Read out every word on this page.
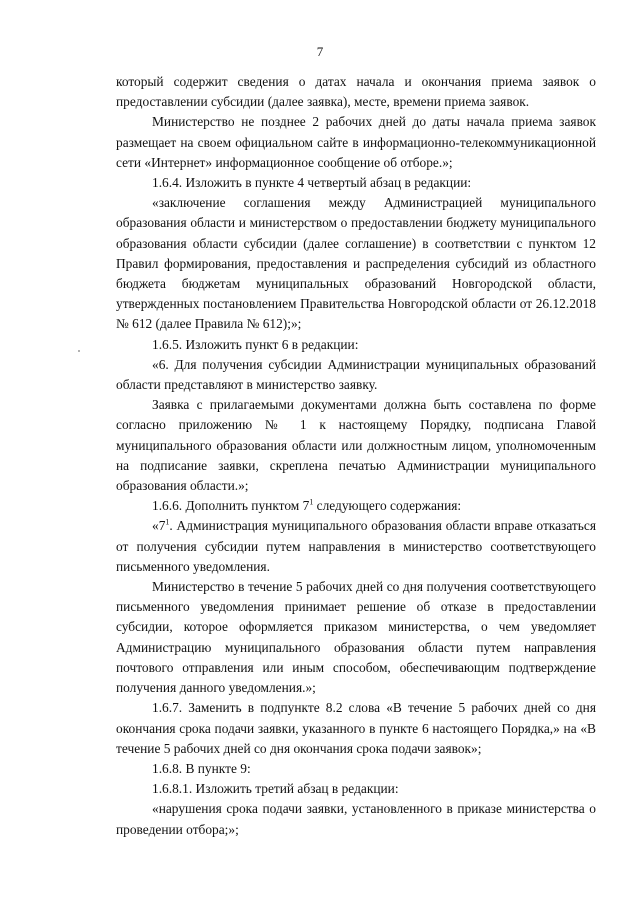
7

который содержит сведения о датах начала и окончания приема заявок о предоставлении субсидии (далее заявка), месте, времени приема заявок.

Министерство не позднее 2 рабочих дней до даты начала приема заявок размещает на своем официальном сайте в информационно-телекоммуникационной сети «Интернет» информационное сообщение об отборе.»;

1.6.4. Изложить в пункте 4 четвертый абзац в редакции:

«заключение соглашения между Администрацией муниципального образования области и министерством о предоставлении бюджету муниципального образования области субсидии (далее соглашение) в соответствии с пунктом 12 Правил формирования, предоставления и распределения субсидий из областного бюджета бюджетам муниципальных образований Новгородской области, утвержденных постановлением Правительства Новгородской области от 26.12.2018 № 612 (далее Правила № 612);»;

1.6.5. Изложить пункт 6 в редакции:

«6. Для получения субсидии Администрации муниципальных образований области представляют в министерство заявку.

Заявка с прилагаемыми документами должна быть составлена по форме согласно приложению № 1 к настоящему Порядку, подписана Главой муниципального образования области или должностным лицом, уполномоченным на подписание заявки, скреплена печатью Администрации муниципального образования области.»;

1.6.6. Дополнить пунктом $7^1$ следующего содержания:

«$7^1$. Администрация муниципального образования области вправе отказаться от получения субсидии путем направления в министерство соответствующего письменного уведомления.

Министерство в течение 5 рабочих дней со дня получения соответствующего письменного уведомления принимает решение об отказе в предоставлении субсидии, которое оформляется приказом министерства, о чем уведомляет Администрацию муниципального образования области путем направления почтового отправления или иным способом, обеспечивающим подтверждение получения данного уведомления.»;

1.6.7. Заменить в подпункте 8.2 слова «В течение 5 рабочих дней со дня окончания срока подачи заявки, указанного в пункте 6 настоящего Порядка,» на «В течение 5 рабочих дней со дня окончания срока подачи заявок»;

1.6.8. В пункте 9:

1.6.8.1. Изложить третий абзац в редакции:

«нарушения срока подачи заявки, установленного в приказе министерства о проведении отбора;»;
